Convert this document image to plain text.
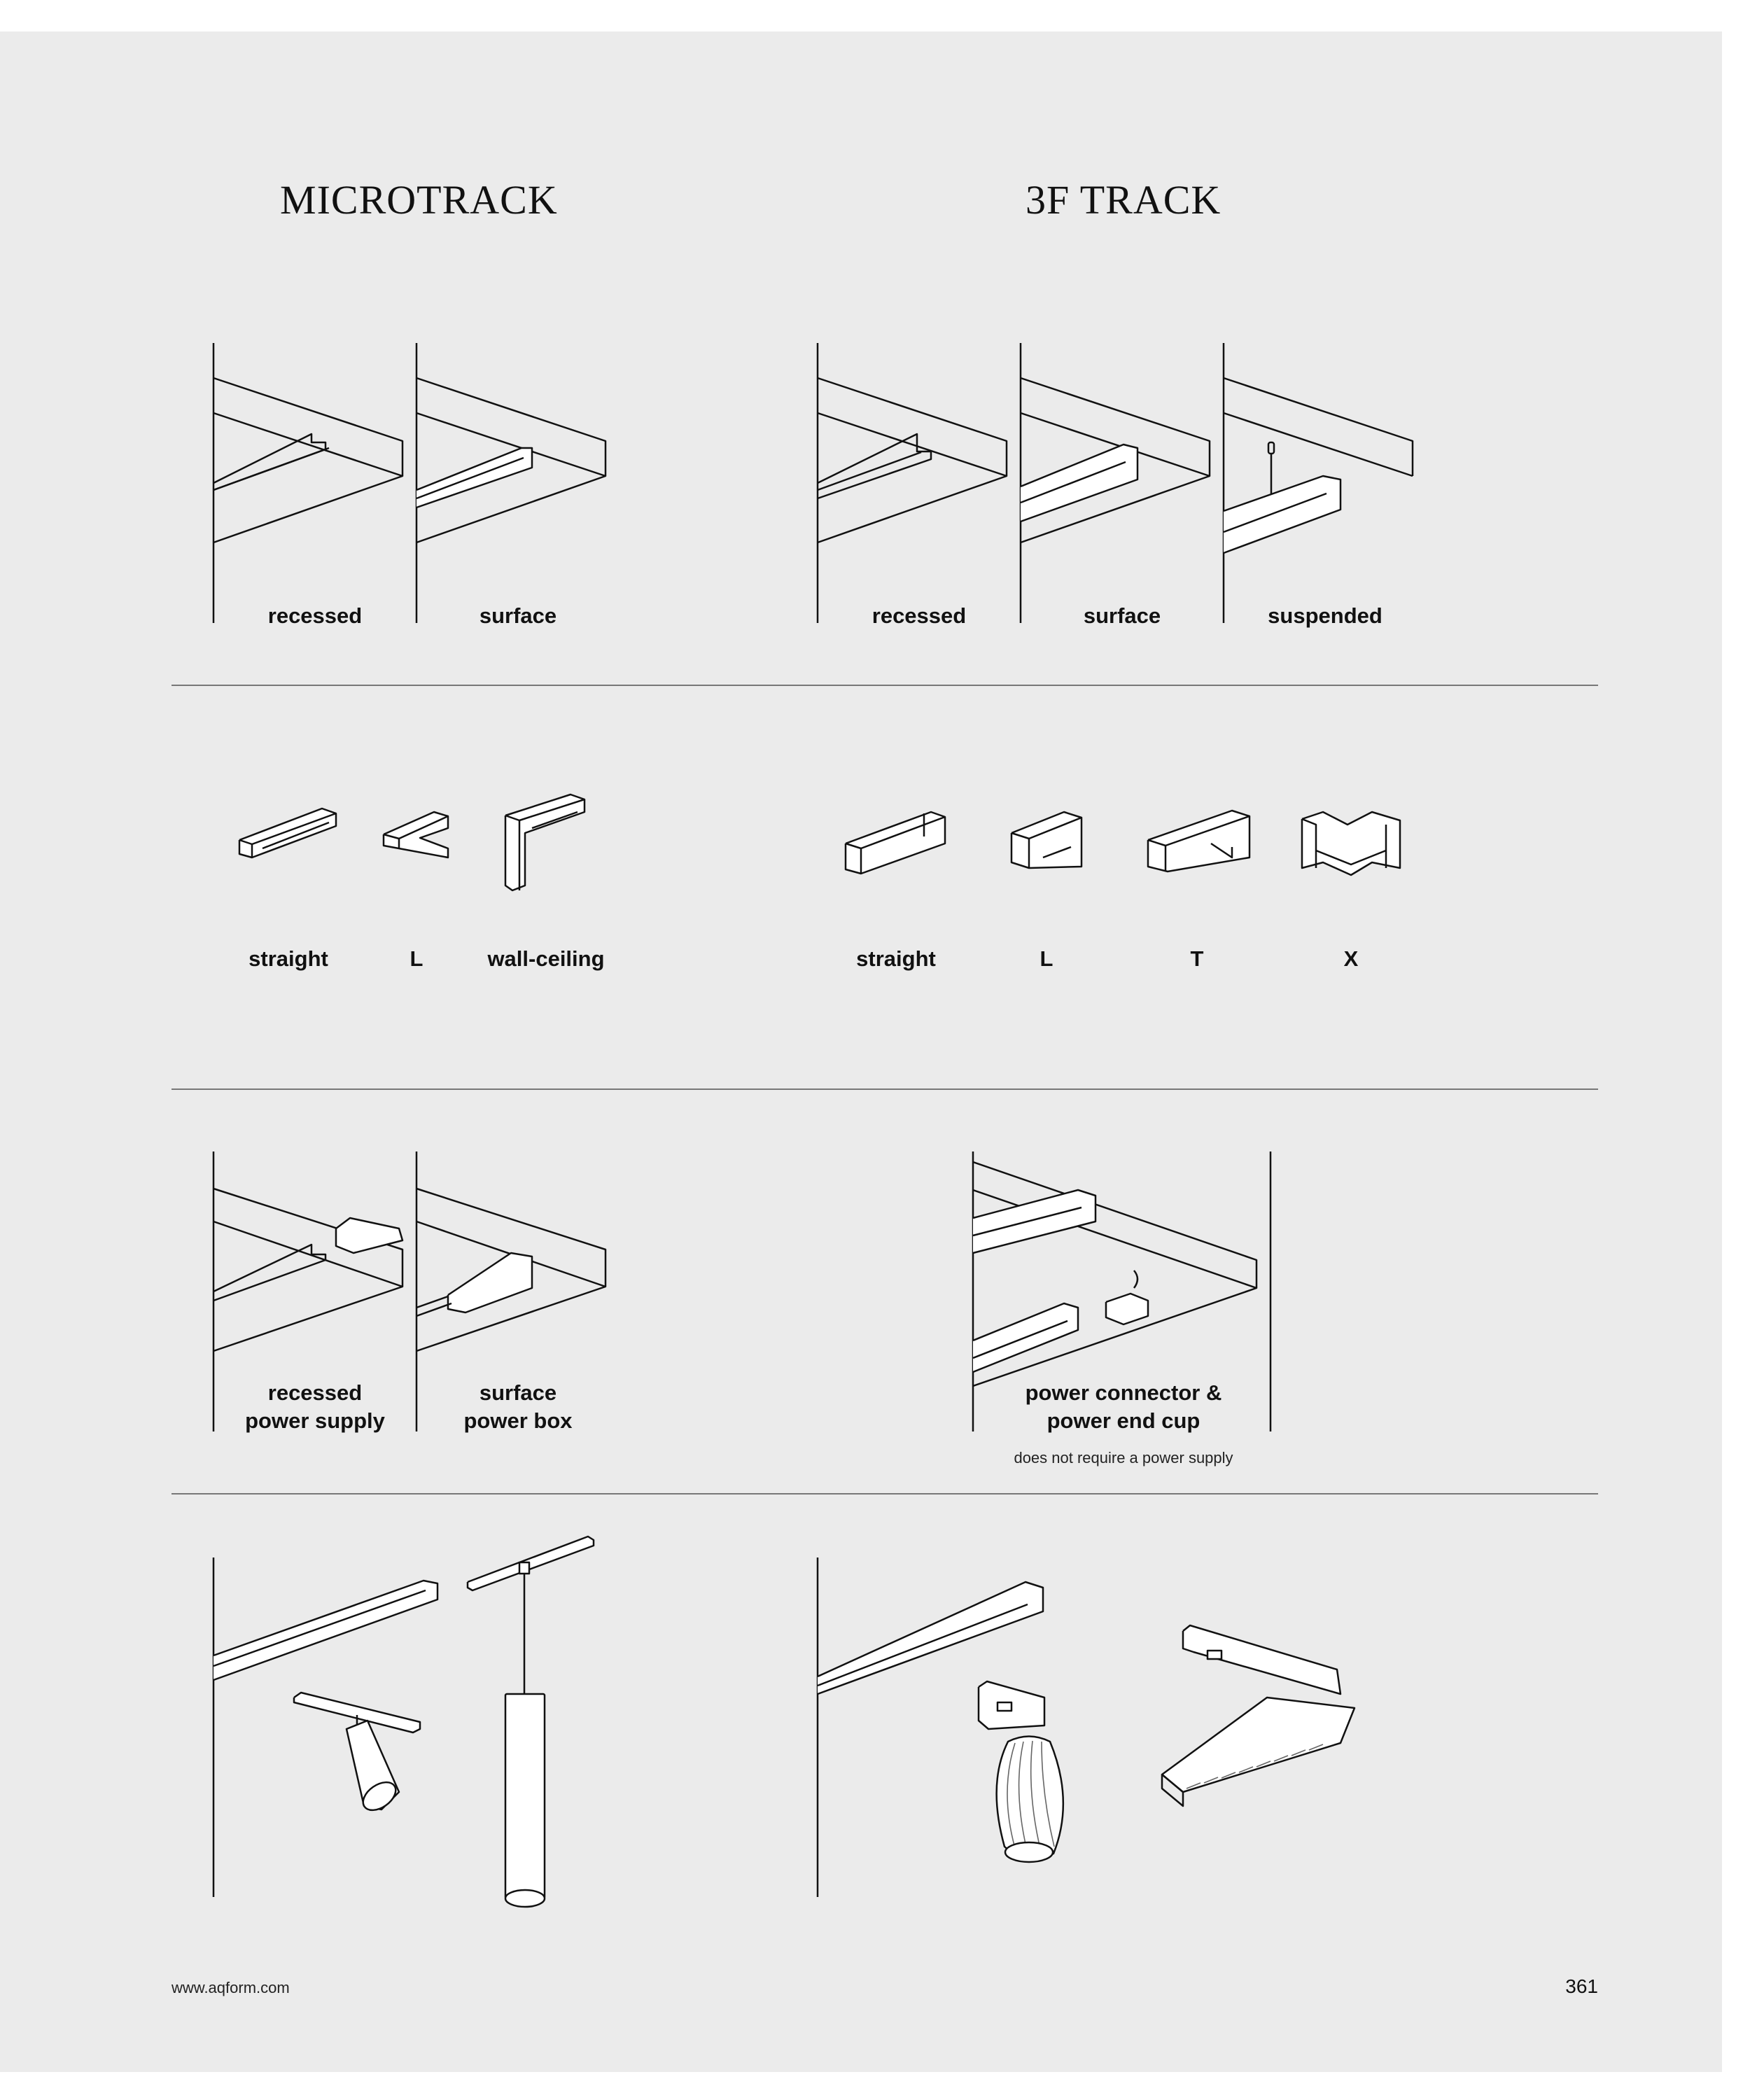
MICROTRACK	3F TRACK
recessed	surface	recessed	surface	suspended
straight	L	wall-ceiling	straight	L	T	X
recessed
power supply
surface
power box
power connector &
power end cup
does not require a power supply
www.aqform.com	361
